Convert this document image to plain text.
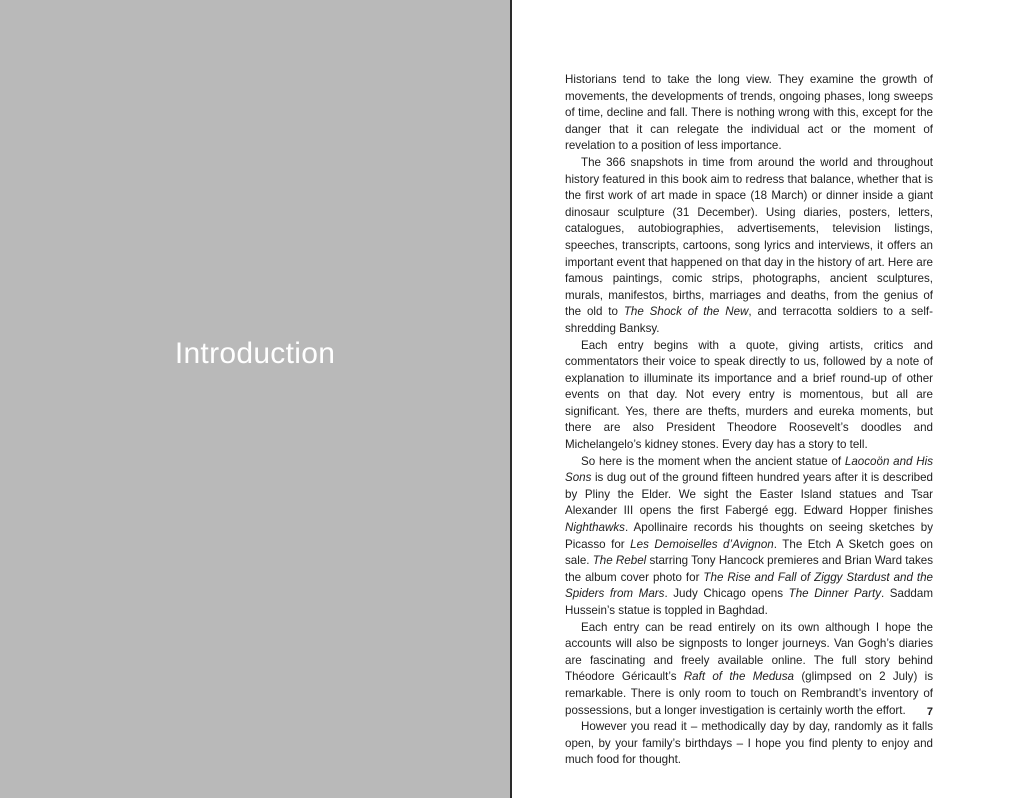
Introduction

Historians tend to take the long view. They examine the growth of movements, the developments of trends, ongoing phases, long sweeps of time, decline and fall. There is nothing wrong with this, except for the danger that it can relegate the individual act or the moment of revelation to a position of less importance.

The 366 snapshots in time from around the world and throughout history featured in this book aim to redress that balance, whether that is the first work of art made in space (18 March) or dinner inside a giant dinosaur sculpture (31 December). Using diaries, posters, letters, catalogues, autobiographies, advertisements, television listings, speeches, transcripts, cartoons, song lyrics and interviews, it offers an important event that happened on that day in the history of art. Here are famous paintings, comic strips, photographs, ancient sculptures, murals, manifestos, births, marriages and deaths, from the genius of the old to The Shock of the New, and terracotta soldiers to a self-shredding Banksy.

Each entry begins with a quote, giving artists, critics and commentators their voice to speak directly to us, followed by a note of explanation to illuminate its importance and a brief round-up of other events on that day. Not every entry is momentous, but all are significant. Yes, there are thefts, murders and eureka moments, but there are also President Theodore Roosevelt’s doodles and Michelangelo’s kidney stones. Every day has a story to tell.

So here is the moment when the ancient statue of Laocoön and His Sons is dug out of the ground fifteen hundred years after it is described by Pliny the Elder. We sight the Easter Island statues and Tsar Alexander III opens the first Fabergé egg. Edward Hopper finishes Nighthawks. Apollinaire records his thoughts on seeing sketches by Picasso for Les Demoiselles d’Avignon. The Etch A Sketch goes on sale. The Rebel starring Tony Hancock premieres and Brian Ward takes the album cover photo for The Rise and Fall of Ziggy Stardust and the Spiders from Mars. Judy Chicago opens The Dinner Party. Saddam Hussein’s statue is toppled in Baghdad.

Each entry can be read entirely on its own although I hope the accounts will also be signposts to longer journeys. Van Gogh’s diaries are fascinating and freely available online. The full story behind Théodore Géricault’s Raft of the Medusa (glimpsed on 2 July) is remarkable. There is only room to touch on Rembrandt’s inventory of possessions, but a longer investigation is certainly worth the effort.

However you read it – methodically day by day, randomly as it falls open, by your family’s birthdays – I hope you find plenty to enjoy and much food for thought.

7
